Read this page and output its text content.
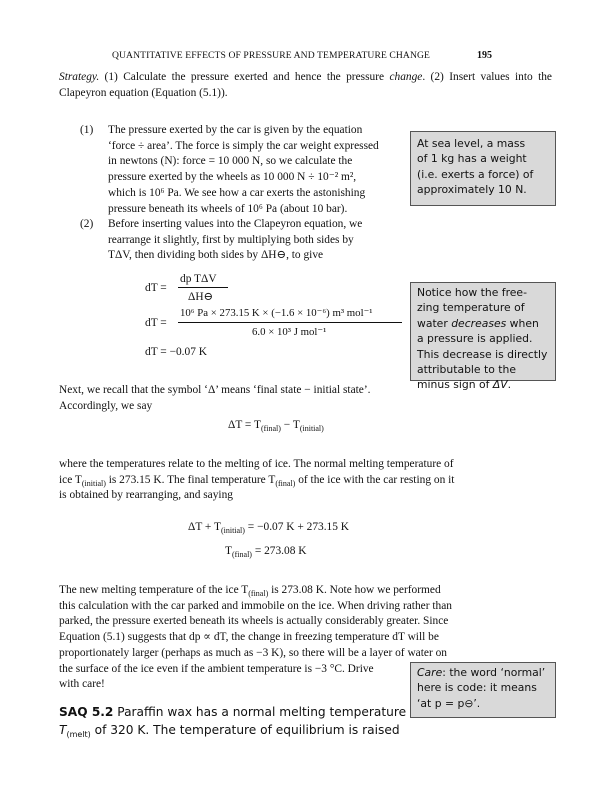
QUANTITATIVE EFFECTS OF PRESSURE AND TEMPERATURE CHANGE	195
Strategy. (1) Calculate the pressure exerted and hence the pressure change. (2) Insert values into the Clapeyron equation (Equation (5.1)).
(1) The pressure exerted by the car is given by the equation
‘force ÷ area’. The force is simply the car weight expressed
in newtons (N): force = 10 000 N, so we calculate the
pressure exerted by the wheels as 10 000 N ÷ 10⁻² m²,
which is 10⁶ Pa. We see how a car exerts the astonishing
pressure beneath its wheels of 10⁶ Pa (about 10 bar).
(2) Before inserting values into the Clapeyron equation, we
rearrange it slightly, first by multiplying both sides by
TΔV, then dividing both sides by ΔH⊖, to give
At sea level, a mass
of 1 kg has a weight
(i.e. exerts a force) of
approximately 10 N.
dT =
dp TΔV
ΔH⊖
dT =
10⁶ Pa × 273.15 K × (−1.6 × 10⁻⁶) m³ mol⁻¹
6.0 × 10³ J mol⁻¹
dT = −0.07 K
Notice how the free-
zing temperature of
water decreases when
a pressure is applied.
This decrease is directly
attributable to the
minus sign of ΔV.
Next, we recall that the symbol ‘Δ’ means ‘final state − initial state’.
Accordingly, we say
$\Delta T = T_{(final)} - T_{(initial)}$
where the temperatures relate to the melting of ice. The normal melting temperature of
ice $T_{(initial)}$ is 273.15 K. The final temperature $T_{(final)}$ of the ice with the car resting on it
is obtained by rearranging, and saying
$\Delta T + T_{(initial)} = -0.07$ K + 273.15 K
$T_{(final)} = 273.08$ K
The new melting temperature of the ice $T_{(final)}$ is 273.08 K. Note how we performed
this calculation with the car parked and immobile on the ice. When driving rather than
parked, the pressure exerted beneath its wheels is actually considerably greater. Since
Equation (5.1) suggests that dp ∝ dT, the change in freezing temperature dT will be
proportionately larger (perhaps as much as −3 K), so there will be a layer of water on
the surface of the ice even if the ambient temperature is −3 °C. Drive
with care!
Care: the word ‘normal’
here is code: it means
‘at p = p⊖’.
SAQ 5.2 Paraffin wax has a normal melting temperature
$T_{(melt)}$ of 320 K. The temperature of equilibrium is raised
